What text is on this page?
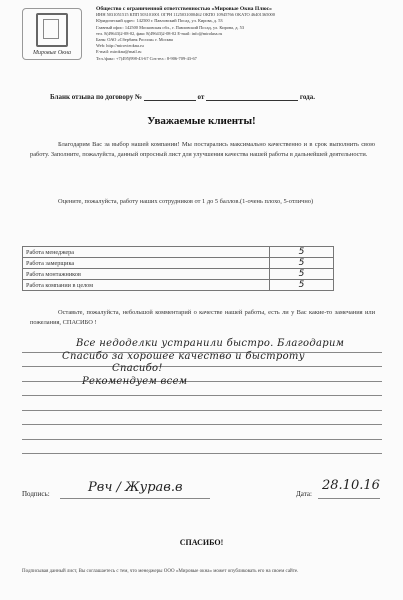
Мировые Окна
Общество с ограниченной ответственностью «Мировые Окна Плюс»
ИНН 5031051515 КПП 503101001 ОГРН 1125031000462 ОКПО 10945766 ОКАТО 46401365000
Юридический адрес: 142500 г. Павловский Посад, ул. Кирова, д. 53
Главный офис: 142500 Московская обл., г. Павловский Посад, ул. Кирова, д. 53
тел. 8(49643)2-08-02, факс 8(49643)2-08-02 E-mail: info@mirokna.ru
Банк: ОАО «Сбербанк России» г. Москва
Web: http://mirovieokna.ru
E-mail: mirokna@mail.ru
Тел./факс: +7(495)998-43-67 Сот.тел.: 8-906-709-43-67
Бланк отзыва по договору №	от	года.
Уважаемые клиенты!
Благодарим Вас за выбор нашей компании! Мы постарались максимально качественно и в срок выполнить свою работу. Заполните, пожалуйста, данный опросный лист для улучшения качества нашей работы в дальнейшей деятельности.
Оцените, пожалуйста, работу наших сотрудников от 1 до 5 баллов.(1-очень плохо, 5-отлично)
Работа менеджера	5
Работа замерщика	5
Работа монтажников	5
Работа компании в целом	5
Оставьте, пожалуйста, небольшой комментарий о качестве нашей работы, есть ли у Вас какие-то замечания или пожелания, СПАСИБО !
Все недоделки устранили быстро. Благодарим
Спасибо за хорошее качество и быстроту
Спасибо!
Рекомендуем всем
Подпись:	Рвч / Журав.в	Дата:
28.10.16
СПАСИБО!
Подписывая данный лист, Вы соглашаетесь с тем, что менеджеры ООО «Мировые окна» может опубликовать его на своем сайте.
